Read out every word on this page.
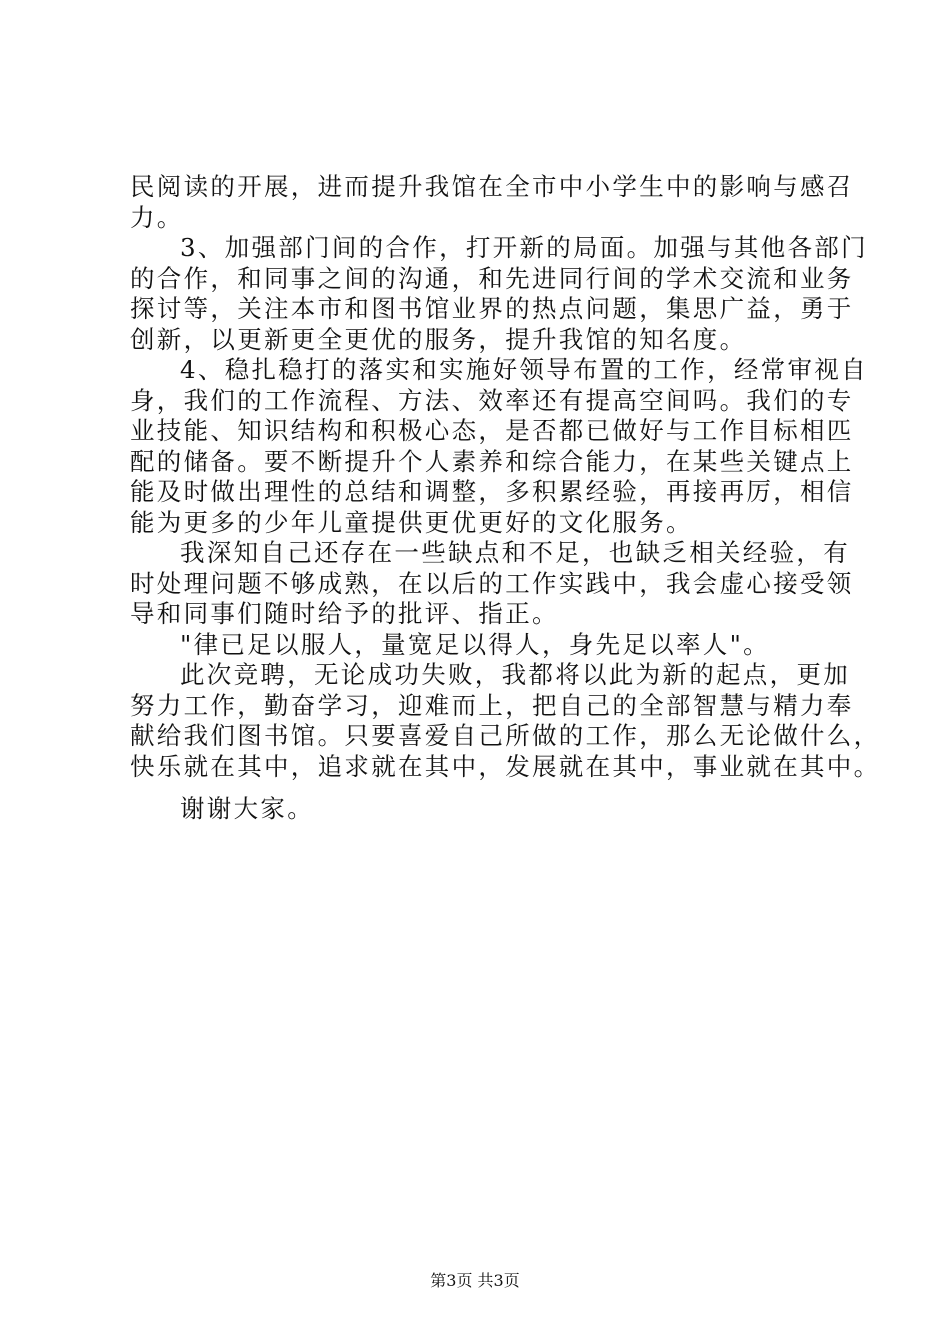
民阅读的开展，进而提升我馆在全市中小学生中的影响与感召
力。
3、加强部门间的合作，打开新的局面。加强与其他各部门
的合作，和同事之间的沟通，和先进同行间的学术交流和业务
探讨等，关注本市和图书馆业界的热点问题，集思广益，勇于
创新，以更新更全更优的服务，提升我馆的知名度。
4、稳扎稳打的落实和实施好领导布置的工作，经常审视自
身，我们的工作流程、方法、效率还有提高空间吗。我们的专
业技能、知识结构和积极心态，是否都已做好与工作目标相匹
配的储备。要不断提升个人素养和综合能力，在某些关键点上
能及时做出理性的总结和调整，多积累经验，再接再厉，相信
能为更多的少年儿童提供更优更好的文化服务。
我深知自己还存在一些缺点和不足，也缺乏相关经验，有
时处理问题不够成熟，在以后的工作实践中，我会虚心接受领
导和同事们随时给予的批评、指正。
"律已足以服人，量宽足以得人，身先足以率人"。
此次竞聘，无论成功失败，我都将以此为新的起点，更加
努力工作，勤奋学习，迎难而上，把自己的全部智慧与精力奉
献给我们图书馆。只要喜爱自己所做的工作，那么无论做什么，
快乐就在其中，追求就在其中，发展就在其中，事业就在其中。
谢谢大家。
第3页 共3页
